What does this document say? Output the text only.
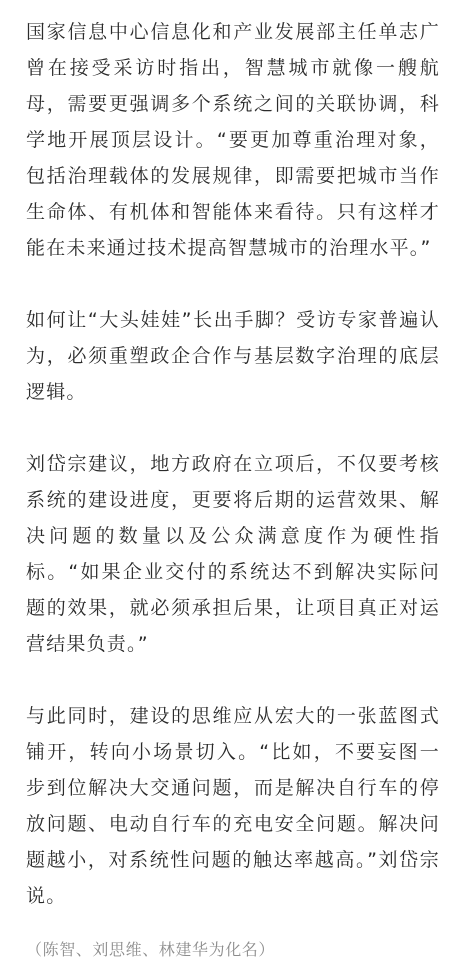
国家信息中心信息化和产业发展部主任单志广曾在接受采访时指出，智慧城市就像一艘航母，需要更强调多个系统之间的关联协调，科学地开展顶层设计。“要更加尊重治理对象，包括治理载体的发展规律，即需要把城市当作生命体、有机体和智能体来看待。只有这样才能在未来通过技术提高智慧城市的治理水平。”

如何让“大头娃娃”长出手脚？受访专家普遍认为，必须重塑政企合作与基层数字治理的底层逻辑。

刘岱宗建议，地方政府在立项后，不仅要考核系统的建设进度，更要将后期的运营效果、解决问题的数量以及公众满意度作为硬性指标。“如果企业交付的系统达不到解决实际问题的效果，就必须承担后果，让项目真正对运营结果负责。”

与此同时，建设的思维应从宏大的一张蓝图式铺开，转向小场景切入。“比如，不要妄图一步到位解决大交通问题，而是解决自行车的停放问题、电动自行车的充电安全问题。解决问题越小，对系统性问题的触达率越高。”刘岱宗说。

（陈智、刘思维、林建华为化名）
